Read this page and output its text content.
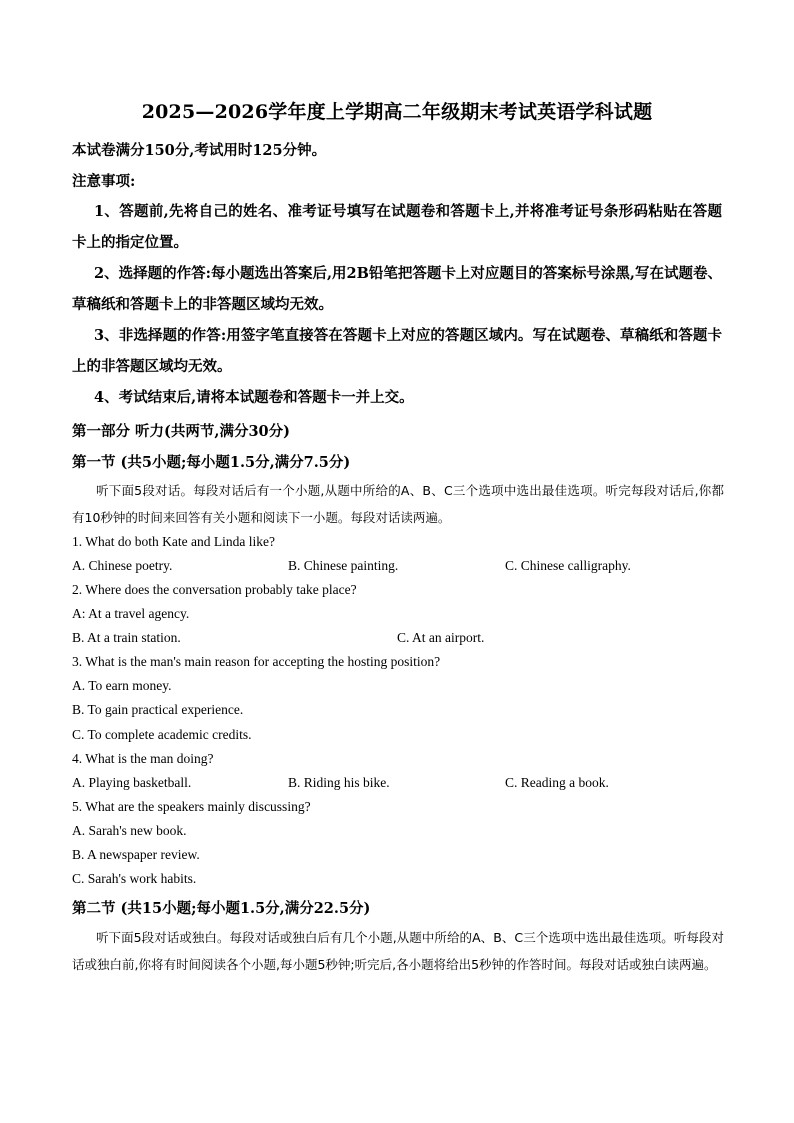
2025—2026学年度上学期高二年级期末考试英语学科试题
本试卷满分150分,考试用时125分钟。
注意事项:
1、答题前,先将自己的姓名、准考证号填写在试题卷和答题卡上,并将准考证号条形码粘贴在答题卡上的指定位置。
2、选择题的作答:每小题选出答案后,用2B铅笔把答题卡上对应题目的答案标号涂黑,写在试题卷、草稿纸和答题卡上的非答题区域均无效。
3、非选择题的作答:用签字笔直接答在答题卡上对应的答题区域内。写在试题卷、草稿纸和答题卡上的非答题区域均无效。
4、考试结束后,请将本试题卷和答题卡一并上交。
第一部分 听力(共两节,满分30分)
第一节 (共5小题;每小题1.5分,满分7.5分)
听下面5段对话。每段对话后有一个小题,从题中所给的A、B、C三个选项中选出最佳选项。听完每段对话后,你都有10秒钟的时间来回答有关小题和阅读下一小题。每段对话读两遍。
1. What do both Kate and Linda like?
A. Chinese poetry.	B. Chinese painting.	C. Chinese calligraphy.
2. Where does the conversation probably take place?
A: At a travel agency.
B. At a train station.	C. At an airport.
3. What is the man's main reason for accepting the hosting position?
A. To earn money.
B. To gain practical experience.
C. To complete academic credits.
4. What is the man doing?
A. Playing basketball.	B. Riding his bike.	C. Reading a book.
5. What are the speakers mainly discussing?
A. Sarah's new book.
B. A newspaper review.
C. Sarah's work habits.
第二节 (共15小题;每小题1.5分,满分22.5分)
听下面5段对话或独白。每段对话或独白后有几个小题,从题中所给的A、B、C三个选项中选出最佳选项。听每段对话或独白前,你将有时间阅读各个小题,每小题5秒钟;听完后,各小题将给出5秒钟的作答时间。每段对话或独白读两遍。
